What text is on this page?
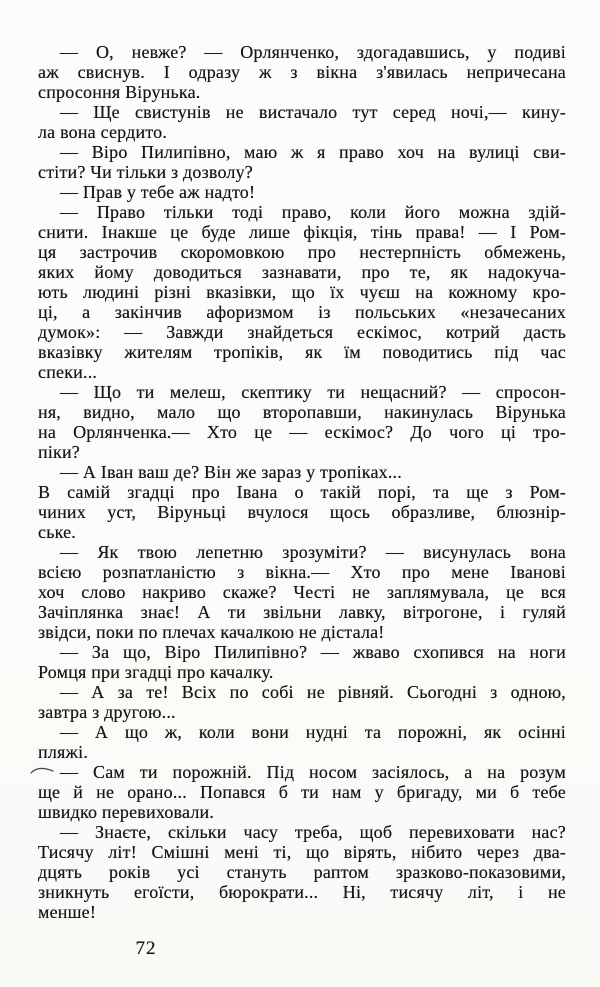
— О, невже? — Орлянченко, здогадавшись, у подиві
аж свиснув. І одразу ж з вікна з'явилась непричесана
спросоння Вірунька.
— Ще свистунів не вистачало тут серед ночі,— кину-
ла вона сердито.
— Віро Пилипівно, маю ж я право хоч на вулиці сви-
стіти? Чи тільки з дозволу?
— Прав у тебе аж надто!
— Право тільки тоді право, коли його можна здій-
снити. Інакше це буде лише фікція, тінь права! — І Ром-
ця застрочив скоромовкою про нестерпність обмежень,
яких йому доводиться зазнавати, про те, як надокуча-
ють людині різні вказівки, що їх чуєш на кожному кро-
ці, а закінчив афоризмом із польських «незачесаних
думок»: — Завжди знайдеться ескімос, котрий дасть
вказівку жителям тропіків, як їм поводитись під час
спеки...
— Що ти мелеш, скептику ти нещасний? — спросон-
ня, видно, мало що второпавши, накинулась Вірунька
на Орлянченка.— Хто це — ескімос? До чого ці тро-
піки?
— А Іван ваш де? Він же зараз у тропіках...
В самій згадці про Івана о такій порі, та ще з Ром-
чиних уст, Віруньці вчулося щось образливе, блюзнір-
ське.
— Як твою лепетню зрозуміти? — висунулась вона
всією розпатланістю з вікна.— Хто про мене Іванові
хоч слово накриво скаже? Честі не заплямувала, це вся
Зачіплянка знає! А ти звільни лавку, вітрогоне, і гуляй
звідси, поки по плечах качалкою не дістала!
— За що, Віро Пилипівно? — жваво схопився на ноги
Ромця при згадці про качалку.
— А за те! Всіх по собі не рівняй. Сьогодні з одною,
завтра з другою...
— А що ж, коли вони нудні та порожні, як осінні
пляжі.
— Сам ти порожній. Під носом засіялось, а на розум
ще й не орано... Попався б ти нам у бригаду, ми б тебе
швидко перевиховали.
— Знаєте, скільки часу треба, щоб перевиховати нас?
Тисячу літ! Смішні мені ті, що вірять, нібито через два-
дцять років усі стануть раптом зразково-показовими,
зникнуть егоїсти, бюрократи... Ні, тисячу літ, і не
менше!
72
